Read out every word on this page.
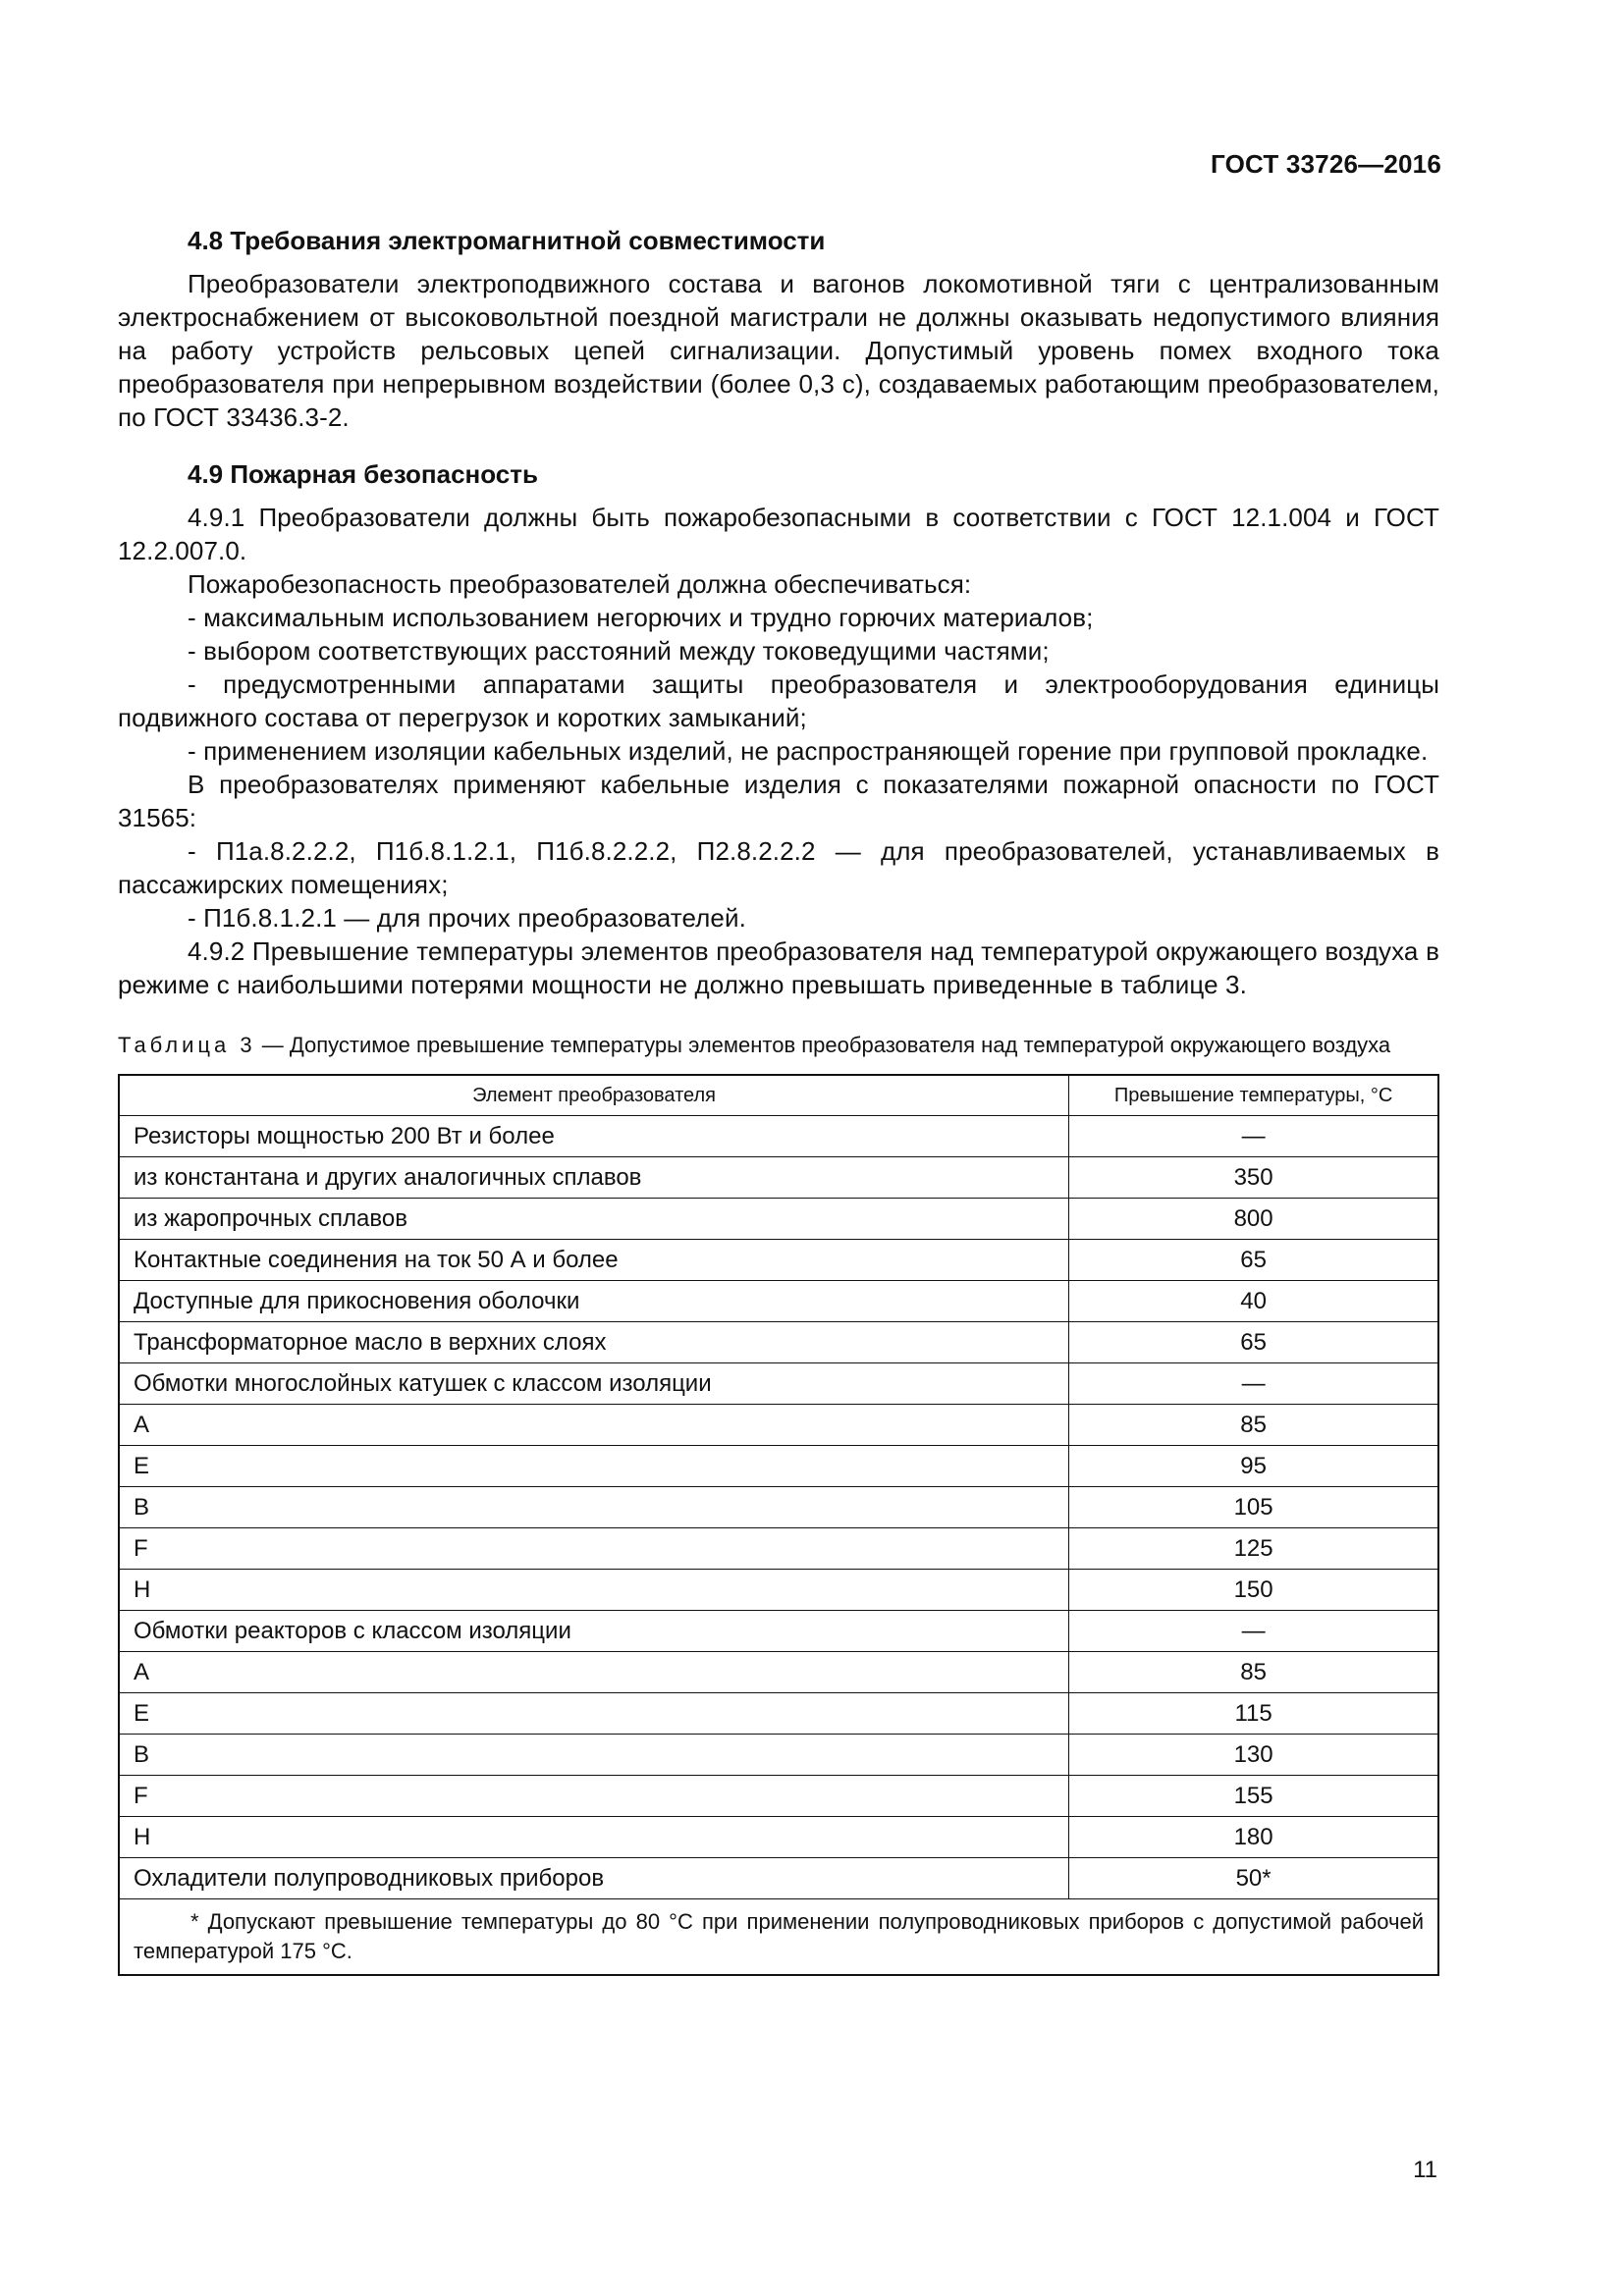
ГОСТ 33726—2016

4.8 Требования электромагнитной совместимости

Преобразователи электроподвижного состава и вагонов локомотивной тяги с централизованным электроснабжением от высоковольтной поездной магистрали не должны оказывать недопустимого влияния на работу устройств рельсовых цепей сигнализации. Допустимый уровень помех входного тока преобразователя при непрерывном воздействии (более 0,3 с), создаваемых работающим преобразователем, по ГОСТ 33436.3-2.

4.9 Пожарная безопасность

4.9.1 Преобразователи должны быть пожаробезопасными в соответствии с ГОСТ 12.1.004 и ГОСТ 12.2.007.0.

Пожаробезопасность преобразователей должна обеспечиваться:

- максимальным использованием негорючих и трудно горючих материалов;

- выбором соответствующих расстояний между токоведущими частями;

- предусмотренными аппаратами защиты преобразователя и электрооборудования единицы подвижного состава от перегрузок и коротких замыканий;

- применением изоляции кабельных изделий, не распространяющей горение при групповой прокладке.

В преобразователях применяют кабельные изделия с показателями пожарной опасности по ГОСТ 31565:

- П1а.8.2.2.2, П1б.8.1.2.1, П1б.8.2.2.2, П2.8.2.2.2 — для преобразователей, устанавливаемых в пассажирских помещениях;

- П1б.8.1.2.1 — для прочих преобразователей.

4.9.2 Превышение температуры элементов преобразователя над температурой окружающего воздуха в режиме с наибольшими потерями мощности не должно превышать приведенные в таблице 3.

Таблица 3 — Допустимое превышение температуры элементов преобразователя над температурой окружающего воздуха
Элемент преобразователя	Превышение температуры, °С
Резисторы мощностью 200 Вт и более	—
из константана и других аналогичных сплавов	350
из жаропрочных сплавов	800
Контактные соединения на ток 50 А и более	65
Доступные для прикосновения оболочки	40
Трансформаторное масло в верхних слоях	65
Обмотки многослойных катушек с классом изоляции	—
A	85
E	95
B	105
F	125
H	150
Обмотки реакторов с классом изоляции	—
A	85
E	115
B	130
F	155
H	180
Охладители полупроводниковых приборов	50*
* Допускают превышение температуры до 80 °С при применении полупроводниковых приборов с допустимой рабочей температурой 175 °С.	
11
